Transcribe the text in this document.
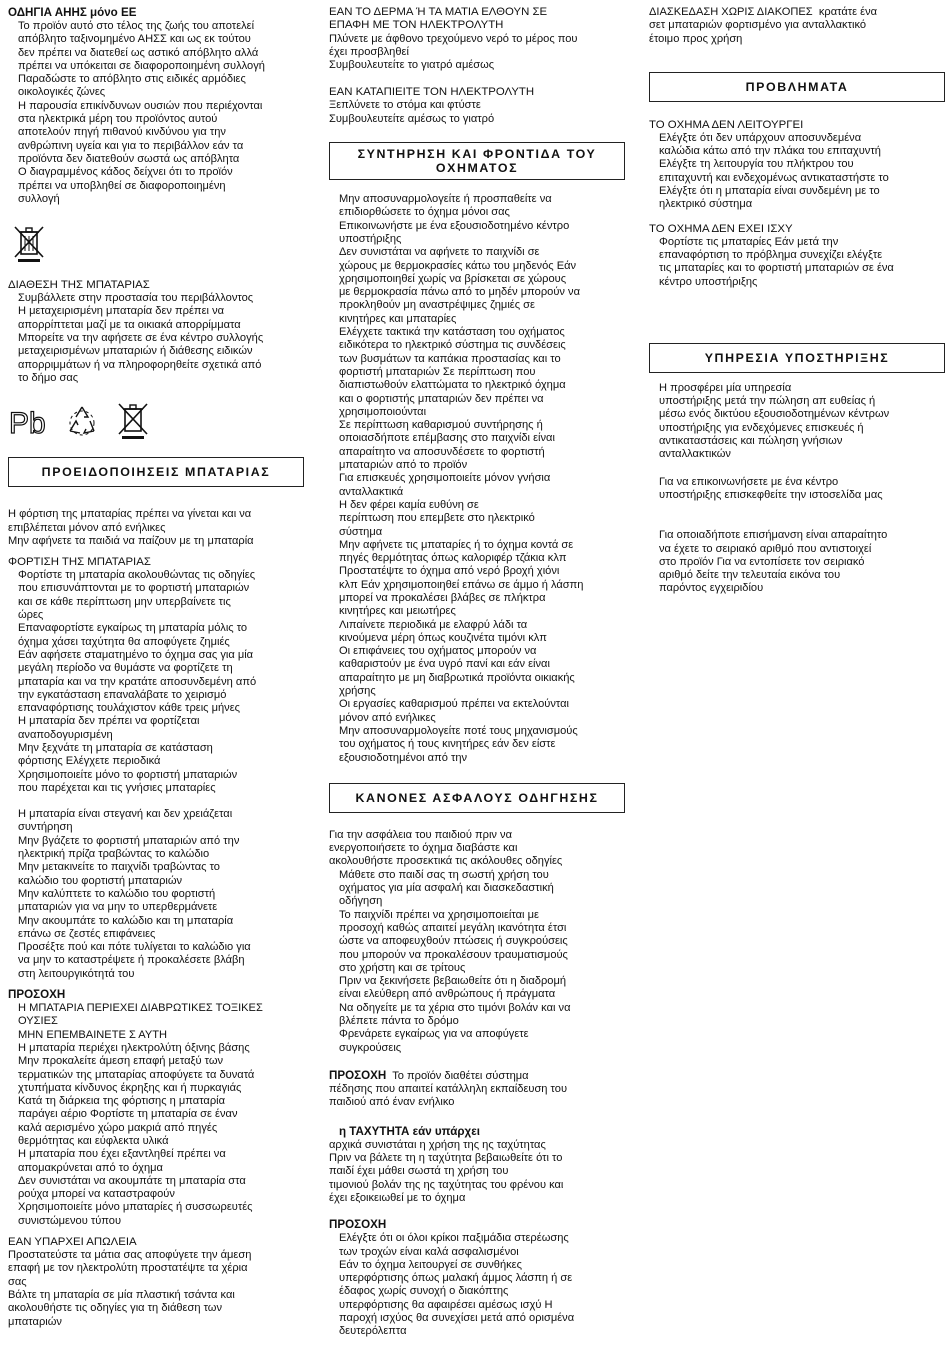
ΟΔΗΓΙΑ ΑΗΗΣ μόνο ΕΕ
Το προϊόν αυτό στο τέλος της ζωής του αποτελεί
απόβλητο ταξινομημένο ΑΗΣΣ και ως εκ τούτου
δεν πρέπει να διατεθεί ως αστικό απόβλητο αλλά
πρέπει να υπόκειται σε διαφοροποιημένη συλλογή
Παραδώστε το απόβλητο στις ειδικές αρμόδιες
οικολογικές ζώνες
Η παρουσία επικίνδυνων ουσιών που περιέχονται
στα ηλεκτρικά μέρη του προϊόντος αυτού
αποτελούν πηγή πιθανού κινδύνου για την
ανθρώπινη υγεία και για το περιβάλλον εάν τα
προϊόντα δεν διατεθούν σωστά ως απόβλητα
Ο διαγραμμένος κάδος δείχνει ότι το προϊόν
πρέπει να υποβληθεί σε διαφοροποιημένη
συλλογή
ΔΙΑΘΕΣΗ ΤΗΣ ΜΠΑΤΑΡΙΑΣ
Συμβάλλετε στην προστασία του περιβάλλοντος
Η μεταχειρισμένη μπαταρία δεν πρέπει να
απορρίπτεται μαζί με τα οικιακά απορρίμματα
Μπορείτε να την αφήσετε σε ένα κέντρο συλλογής
μεταχειρισμένων μπαταριών ή διάθεσης ειδικών
απορριμμάτων ή να πληροφορηθείτε σχετικά από
το δήμο σας
Pb
ΠΡΟΕΙΔΟΠΟΙΗΣΕΙΣ ΜΠΑΤΑΡΙΑΣ
Η φόρτιση της μπαταρίας πρέπει να γίνεται και να
επιβλέπεται μόνον από ενήλικες
Μην αφήνετε τα παιδιά να παίζουν με τη μπαταρία
ΦΟΡΤΙΣΗ ΤΗΣ ΜΠΑΤΑΡΙΑΣ
Φορτίστε τη μπαταρία ακολουθώντας τις οδηγίες
που επισυνάπτονται με το φορτιστή μπαταριών
και σε κάθε περίπτωση μην υπερβαίνετε τις
ώρες
Επαναφορτίστε εγκαίρως τη μπαταρία μόλις το
όχημα χάσει ταχύτητα θα αποφύγετε ζημιές
Εάν αφήσετε σταματημένο το όχημα σας για μία
μεγάλη περίοδο να θυμάστε να φορτίζετε τη
μπαταρία και να την κρατάτε αποσυνδεμένη από
την εγκατάσταση επαναλάβατε το χειρισμό
επαναφόρτισης τουλάχιστον κάθε τρεις μήνες
Η μπαταρία δεν πρέπει να φορτίζεται
αναποδογυρισμένη
Μην ξεχνάτε τη μπαταρία σε κατάσταση
φόρτισης Ελέγχετε περιοδικά
Χρησιμοποιείτε μόνο το φορτιστή μπαταριών
που παρέχεται και τις γνήσιες μπαταρίες
Η μπαταρία είναι στεγανή και δεν χρειάζεται
συντήρηση
Μην βγάζετε το φορτιστή μπαταριών από την
ηλεκτρική πρίζα τραβώντας το καλώδιο
Μην μετακινείτε το παιχνίδι τραβώντας το
καλώδιο του φορτιστή μπαταριών
Μην καλύπτετε το καλώδιο του φορτιστή
μπαταριών για να μην το υπερθερμάνετε
Μην ακουμπάτε το καλώδιο και τη μπαταρία
επάνω σε ζεστές επιφάνειες
Προσέξτε πού και πότε τυλίγεται το καλώδιο για
να μην το καταστρέψετε ή προκαλέσετε βλάβη
στη λειτουργικότητά του
ΠΡΟΣΟΧΗ
Η ΜΠΑΤΑΡΙΑ ΠΕΡΙΕΧΕΙ ΔΙΑΒΡΩΤΙΚΕΣ ΤΟΞΙΚΕΣ
ΟΥΣΙΕΣ
ΜΗΝ ΕΠΕΜΒΑΙΝΕΤΕ Σ ΑΥΤΗ
Η μπαταρία περιέχει ηλεκτρολύτη όξινης βάσης
Μην προκαλείτε άμεση επαφή μεταξύ των
τερματικών της μπαταρίας αποφύγετε τα δυνατά
χτυπήματα κίνδυνος έκρηξης και ή πυρκαγιάς
Κατά τη διάρκεια της φόρτισης η μπαταρία
παράγει αέριο Φορτίστε τη μπαταρία σε έναν
καλά αερισμένο χώρο μακριά από πηγές
θερμότητας και εύφλεκτα υλικά
Η μπαταρία που έχει εξαντληθεί πρέπει να
απομακρύνεται από το όχημα
Δεν συνιστάται να ακουμπάτε τη μπαταρία στα
ρούχα μπορεί να καταστραφούν
Χρησιμοποιείτε μόνο μπαταρίες ή συσσωρευτές
συνιστώμενου τύπου
ΕΑΝ ΥΠΑΡΧΕΙ ΑΠΩΛΕΙΑ
Προστατεύστε τα μάτια σας αποφύγετε την άμεση
επαφή με τον ηλεκτρολύτη προστατέψτε τα χέρια
σας
Βάλτε τη μπαταρία σε μία πλαστική τσάντα και
ακολουθήστε τις οδηγίες για τη διάθεση των
μπαταριών
ΕΑΝ ΤΟ ΔΕΡΜΑ Ή ΤΑ ΜΑΤΙΑ ΕΛΘΟΥΝ ΣΕ
ΕΠΑΦΗ ΜΕ ΤΟΝ ΗΛΕΚΤΡΟΛΥΤΗ
Πλύνετε με άφθονο τρεχούμενο νερό το μέρος που
έχει προσβληθεί
Συμβουλευτείτε το γιατρό αμέσως
ΕΑΝ ΚΑΤΑΠΙΕΙΤΕ ΤΟΝ ΗΛΕΚΤΡΟΛΥΤΗ
Ξεπλύνετε το στόμα και φτύστε
Συμβουλευτείτε αμέσως το γιατρό
ΣΥΝΤΗΡΗΣΗ ΚΑΙ ΦΡΟΝΤΙΔΑ ΤΟΥ
ΟΧΗΜΑΤΟΣ
Μην αποσυναρμολογείτε ή προσπαθείτε να
επιδιορθώσετε το όχημα μόνοι σας
Επικοινωνήστε με ένα εξουσιοδοτημένο κέντρο
υποστήριξης
Δεν συνιστάται να αφήνετε το παιχνίδι σε
χώρους με θερμοκρασίες κάτω του μηδενός Εάν
χρησιμοποιηθεί χωρίς να βρίσκεται σε χώρους
με θερμοκρασία πάνω από το μηδέν μπορούν να
προκληθούν μη αναστρέψιμες ζημιές σε
κινητήρες και μπαταρίες
Ελέγχετε τακτικά την κατάσταση του οχήματος
ειδικότερα το ηλεκτρικό σύστημα τις συνδέσεις
των βυσμάτων τα καπάκια προστασίας και το
φορτιστή μπαταριών Σε περίπτωση που
διαπιστωθούν ελαττώματα το ηλεκτρικό όχημα
και ο φορτιστής μπαταριών δεν πρέπει να
χρησιμοποιούνται
Σε περίπτωση καθαρισμού συντήρησης ή
οποιασδήποτε επέμβασης στο παιχνίδι είναι
απαραίτητο να αποσυνδέσετε το φορτιστή
μπαταριών από το προϊόν
Για επισκευές χρησιμοποιείτε μόνον γνήσια
ανταλλακτικά
Η δεν φέρει καμία ευθύνη σε
περίπτωση που επεμβετε στο ηλεκτρικό
σύστημα
Μην αφήνετε τις μπαταρίες ή το όχημα κοντά σε
πηγές θερμότητας όπως καλοριφέρ τζάκια κλπ
Προστατέψτε το όχημα από νερό βροχή χιόνι
κλπ Εάν χρησιμοποιηθεί επάνω σε άμμο ή λάσπη
μπορεί να προκαλέσει βλάβες σε πλήκτρα
κινητήρες και μειωτήρες
Λιπαίνετε περιοδικά με ελαφρύ λάδι τα
κινούμενα μέρη όπως κουζινέτα τιμόνι κλπ
Οι επιφάνειες του οχήματος μπορούν να
καθαριστούν με ένα υγρό πανί και εάν είναι
απαραίτητο με μη διαβρωτικά προϊόντα οικιακής
χρήσης
Οι εργασίες καθαρισμού πρέπει να εκτελούνται
μόνον από ενήλικες
Μην αποσυναρμολογείτε ποτέ τους μηχανισμούς
του οχήματος ή τους κινητήρες εάν δεν είστε
εξουσιοδοτημένοι από την
ΚΑΝΟΝΕΣ ΑΣΦΑΛΟΥΣ ΟΔΗΓΗΣΗΣ
Για την ασφάλεια του παιδιού πριν να
ενεργοποιήσετε το όχημα διαβάστε και
ακολουθήστε προσεκτικά τις ακόλουθες οδηγίες
Μάθετε στο παιδί σας τη σωστή χρήση του
οχήματος για μία ασφαλή και διασκεδαστική
οδήγηση
Το παιχνίδι πρέπει να χρησιμοποιείται με
προσοχή καθώς απαιτεί μεγάλη ικανότητα έτσι
ώστε να αποφευχθούν πτώσεις ή συγκρούσεις
που μπορούν να προκαλέσουν τραυματισμούς
στο χρήστη και σε τρίτους
Πριν να ξεκινήσετε βεβαιωθείτε ότι η διαδρομή
είναι ελεύθερη από ανθρώπους ή πράγματα
Να οδηγείτε με τα χέρια στο τιμόνι βολάν και να
βλέπετε πάντα το δρόμο
Φρενάρετε εγκαίρως για να αποφύγετε
συγκρούσεις
ΠΡΟΣΟΧΗ Το προϊόν διαθέτει σύστημα
πέδησης που απαιτεί κατάλληλη εκπαίδευση του
παιδιού από έναν ενήλικο
η ΤΑΧΥΤΗΤΑ εάν υπάρχει
αρχικά συνιστάται η χρήση της ης ταχύτητας
Πριν να βάλετε τη η ταχύτητα βεβαιωθείτε ότι το
παιδί έχει μάθει σωστά τη χρήση του
τιμονιού βολάν της ης ταχύτητας του φρένου και
έχει εξοικειωθεί με το όχημα
ΠΡΟΣΟΧΗ
Ελέγξτε ότι οι όλοι κρίκοι παξιμάδια στερέωσης
των τροχών είναι καλά ασφαλισμένοι
Εάν το όχημα λειτουργεί σε συνθήκες
υπερφόρτισης όπως μαλακή άμμος λάσπη ή σε
έδαφος χωρίς συνοχή ο διακόπτης
υπερφόρτισης θα αφαιρέσει αμέσως ισχύ Η
παροχή ισχύος θα συνεχίσει μετά από ορισμένα
δευτερόλεπτα
ΔΙΑΣΚΕΔΑΣΗ ΧΩΡΙΣ ΔΙΑΚΟΠΕΣ κρατάτε ένα
σετ μπαταριών φορτισμένο για ανταλλακτικό
έτοιμο προς χρήση
ΠΡΟΒΛΗΜΑΤΑ
ΤΟ ΟΧΗΜΑ ΔΕΝ ΛΕΙΤΟΥΡΓΕΙ
Ελέγξτε ότι δεν υπάρχουν αποσυνδεμένα
καλώδια κάτω από την πλάκα του επιταχυντή
Ελέγξτε τη λειτουργία του πλήκτρου του
επιταχυντή και ενδεχομένως αντικαταστήστε το
Ελέγξτε ότι η μπαταρία είναι συνδεμένη με το
ηλεκτρικό σύστημα
ΤΟ ΟΧΗΜΑ ΔΕΝ ΕΧΕΙ ΙΣΧΥ
Φορτίστε τις μπαταρίες Εάν μετά την
επαναφόρτιση το πρόβλημα συνεχίζει ελέγξτε
τις μπαταρίες και το φορτιστή μπαταριών σε ένα
κέντρο υποστήριξης
ΥΠΗΡΕΣΙΑ ΥΠΟΣΤΗΡΙΞΗΣ
Η προσφέρει μία υπηρεσία
υποστήριξης μετά την πώληση απ ευθείας ή
μέσω ενός δικτύου εξουσιοδοτημένων κέντρων
υποστήριξης για ενδεχόμενες επισκευές ή
αντικαταστάσεις και πώληση γνήσιων
ανταλλακτικών
Για να επικοινωνήσετε με ένα κέντρο
υποστήριξης επισκεφθείτε την ιστοσελίδα μας
Για οποιαδήποτε επισήμανση είναι απαραίτητο
να έχετε το σειριακό αριθμό που αντιστοιχεί
στο προϊόν Για να εντοπίσετε τον σειριακό
αριθμό δείτε την τελευταία εικόνα του
παρόντος εγχειριδίου
